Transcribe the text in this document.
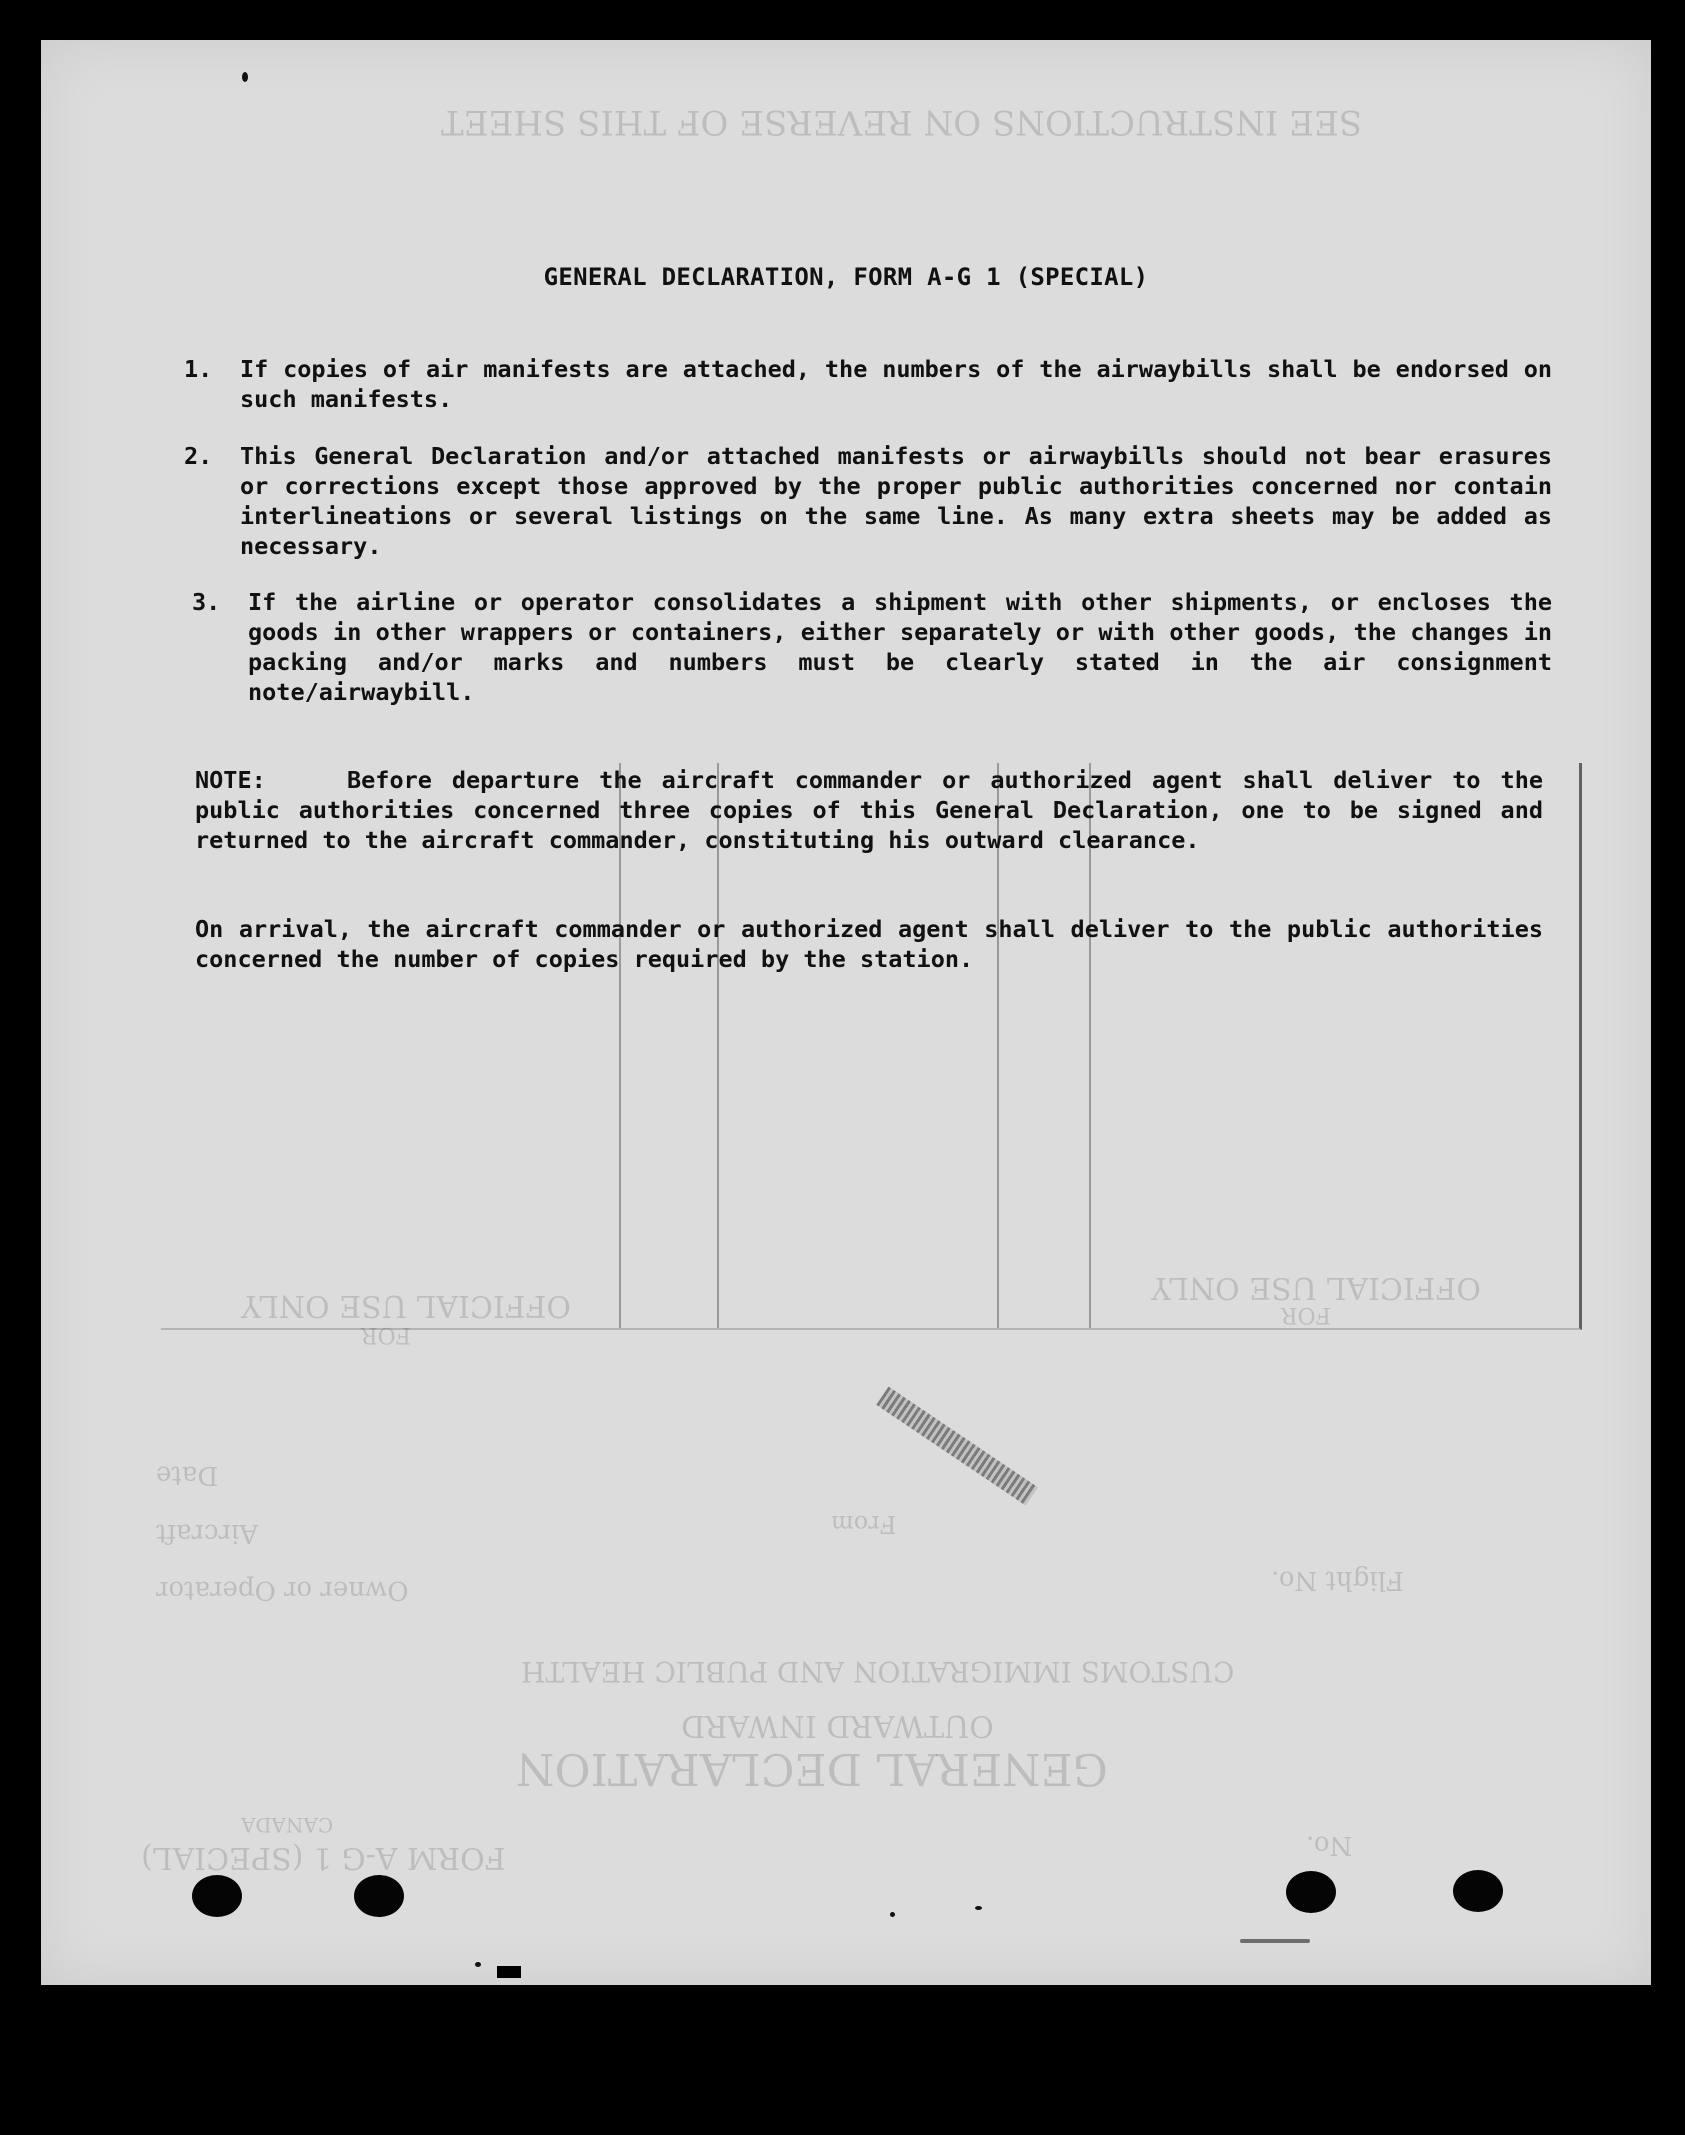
SEE INSTRUCTIONS ON REVERSE OF THIS SHEET
OFFICIAL USE ONLY
FOR
OFFICIAL USE ONLY
FOR
CUSTOMS IMMIGRATION AND PUBLIC HEALTH
OUTWARD INWARD
GENERAL DECLARATION
CANADA
FORM A-G 1 (SPECIAL)	No.
Flight No.
Owner or Operator
Aircraft	From
Date
GENERAL DECLARATION, FORM A-G 1 (SPECIAL)
1.	If copies of air manifests are attached, the numbers of the airwaybills shall be endorsed on such manifests.
2.	This General Declaration and/or attached manifests or airwaybills should not bear erasures or corrections except those approved by the proper public authorities concerned nor contain interlineations or several listings on the same line. As many extra sheets may be added as necessary.
3.	If the airline or operator consolidates a shipment with other shipments, or encloses the goods in other wrappers or containers, either separately or with other goods, the changes in packing and/or marks and numbers must be clearly stated in the air consignment note/airwaybill.
NOTE:	Before departure the aircraft commander or authorized agent shall deliver to the public authorities concerned three copies of this General Declaration, one to be signed and returned to the aircraft commander, constituting his outward clearance.
On arrival, the aircraft commander or authorized agent shall deliver to the public authorities concerned the number of copies required by the station.
